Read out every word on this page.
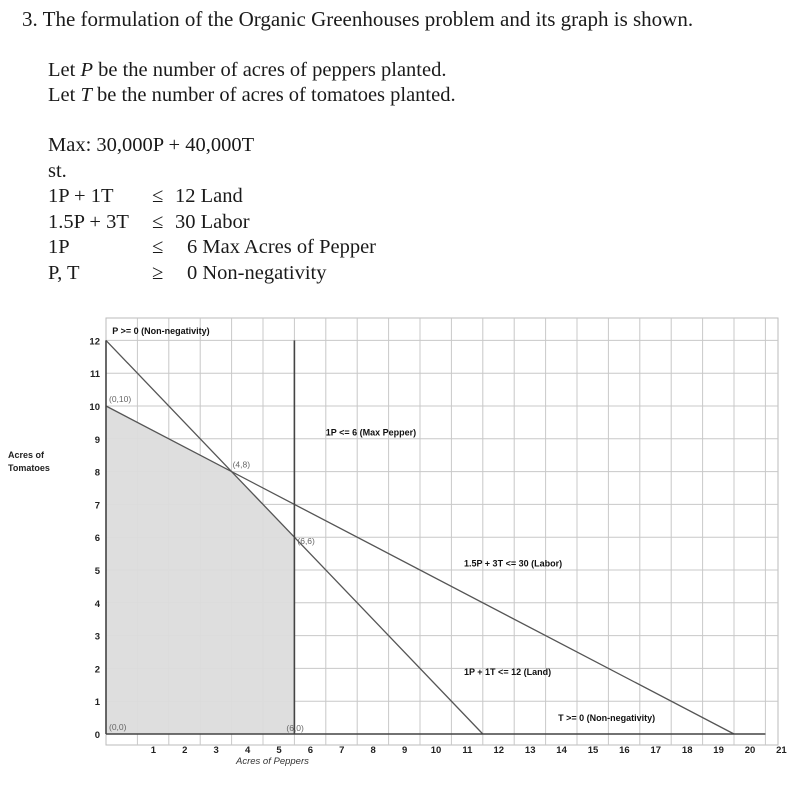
3. The formulation of the Organic Greenhouses problem and its graph is shown.

Let P be the number of acres of peppers planted.
Let T be the number of acres of tomatoes planted.
Max: 30,000P + 40,000T
st.
1P + 1T ≤ 12 Land
1.5P + 3T ≤ 30 Labor
1P	≤ 6 Max Acres of Pepper
P, T	≥ 0 Non-negativity
Acres of
Tomatoes
Acres of Peppers
1	2	3	4	5	6	7	8	9 10 11 12 13 14 15 16 17 18 19 20 21
0
1
2
3
4
5
6
7
8
9
10
11
12
(0,0)
(0,10)
(4,8)
(6,6)
(6,0)
P >= 0 (Non-negativity)
1P <= 6 (Max Pepper)
1.5P + 3T <= 30 (Labor)
1P + 1T <= 12 (Land)
T >= 0 (Non-negativity)
